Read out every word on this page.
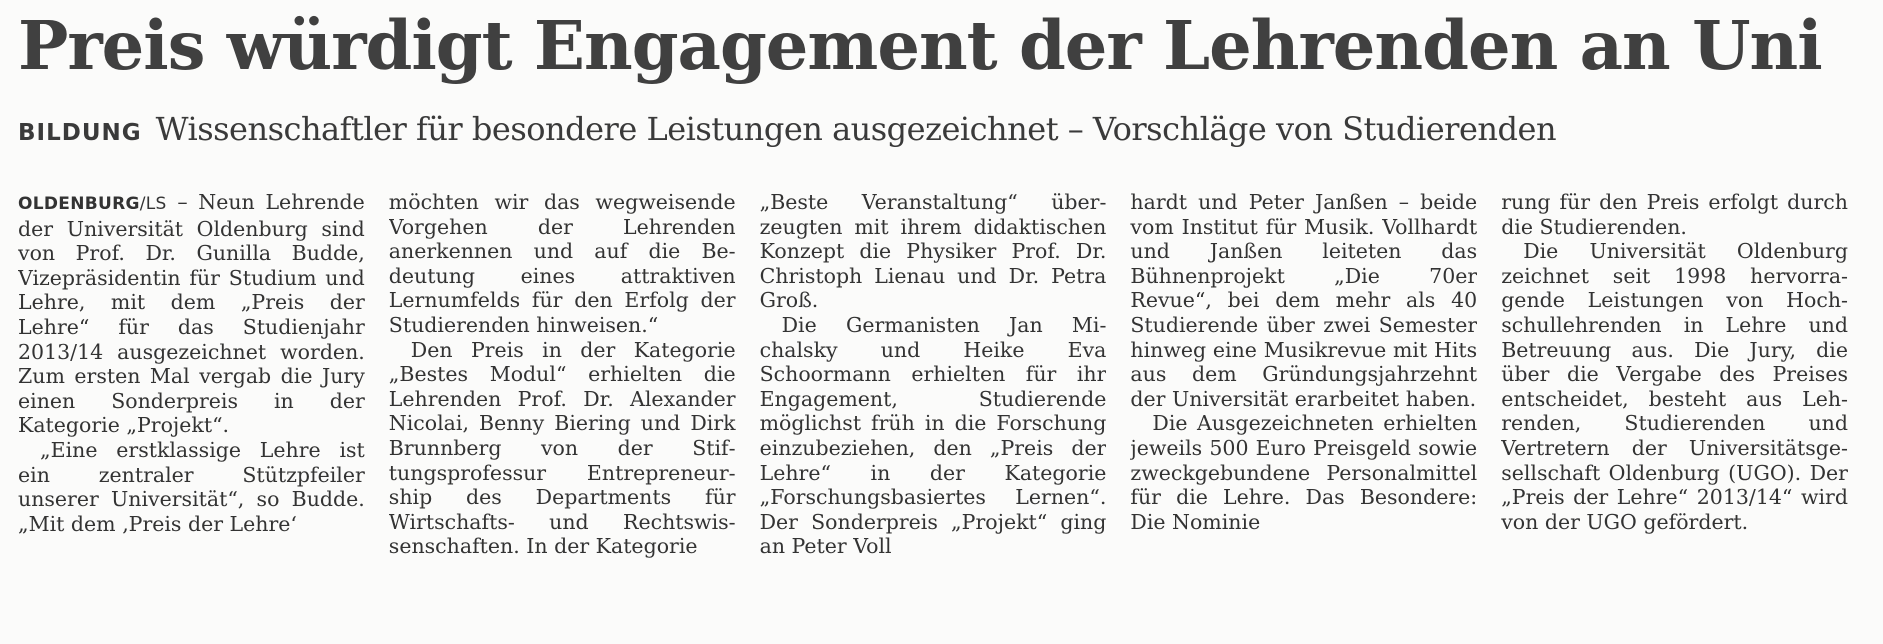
Preis würdigt Engagement der Lehrenden an Uni
BILDUNG Wissenschaftler für besondere Leistungen ausgezeichnet – Vorschläge von Studierenden

OLDENBURG/LS – Neun Lehrende der Universität Oldenburg sind von Prof. Dr. Gunilla Budde, Vizepräsidentin für Studium und Lehre, mit dem „Preis der Lehre“ für das Studienjahr 2013/14 ausgezeichnet worden. Zum ersten Mal vergab die Jury einen Sonderpreis in der Kategorie „Projekt“.

„Eine erstklassige Lehre ist ein zentraler Stützpfeiler unserer Universität“, so Budde. „Mit dem ‚Preis der Lehre‘

möchten wir das wegweisende Vorgehen der Lehrenden anerkennen und auf die Bedeutung eines attraktiven Lernumfelds für den Erfolg der Studierenden hinweisen.“

Den Preis in der Kategorie „Bestes Modul“ erhielten die Lehrenden Prof. Dr. Alexander Nicolai, Benny Biering und Dirk Brunnberg von der Stiftungsprofessur Entrepreneurship des Departments für Wirtschafts- und Rechtswissenschaften. In der Kategorie

„Beste Veranstaltung“ überzeugten mit ihrem didaktischen Konzept die Physiker Prof. Dr. Christoph Lienau und Dr. Petra Groß.

Die Germanisten Jan Michalsky und Heike Eva Schoormann erhielten für ihr Engagement, Studierende möglichst früh in die Forschung einzubeziehen, den „Preis der Lehre“ in der Kategorie „Forschungsbasiertes Lernen“. Der Sonderpreis „Projekt“ ging an Peter Voll

hardt und Peter Janßen – beide vom Institut für Musik. Vollhardt und Janßen leiteten das Bühnenprojekt „Die 70er Revue“, bei dem mehr als 40 Studierende über zwei Semester hinweg eine Musikrevue mit Hits aus dem Gründungsjahrzehnt der Universität erarbeitet haben.

Die Ausgezeichneten erhielten jeweils 500 Euro Preisgeld sowie zweckgebundene Personalmittel für die Lehre. Das Besondere: Die Nominie

rung für den Preis erfolgt durch die Studierenden.

Die Universität Oldenburg zeichnet seit 1998 hervorragende Leistungen von Hochschullehrenden in Lehre und Betreuung aus. Die Jury, die über die Vergabe des Preises entscheidet, besteht aus Lehrenden, Studierenden und Vertretern der Universitätsgesellschaft Oldenburg (UGO). Der „Preis der Lehre“ 2013/14“ wird von der UGO gefördert.
